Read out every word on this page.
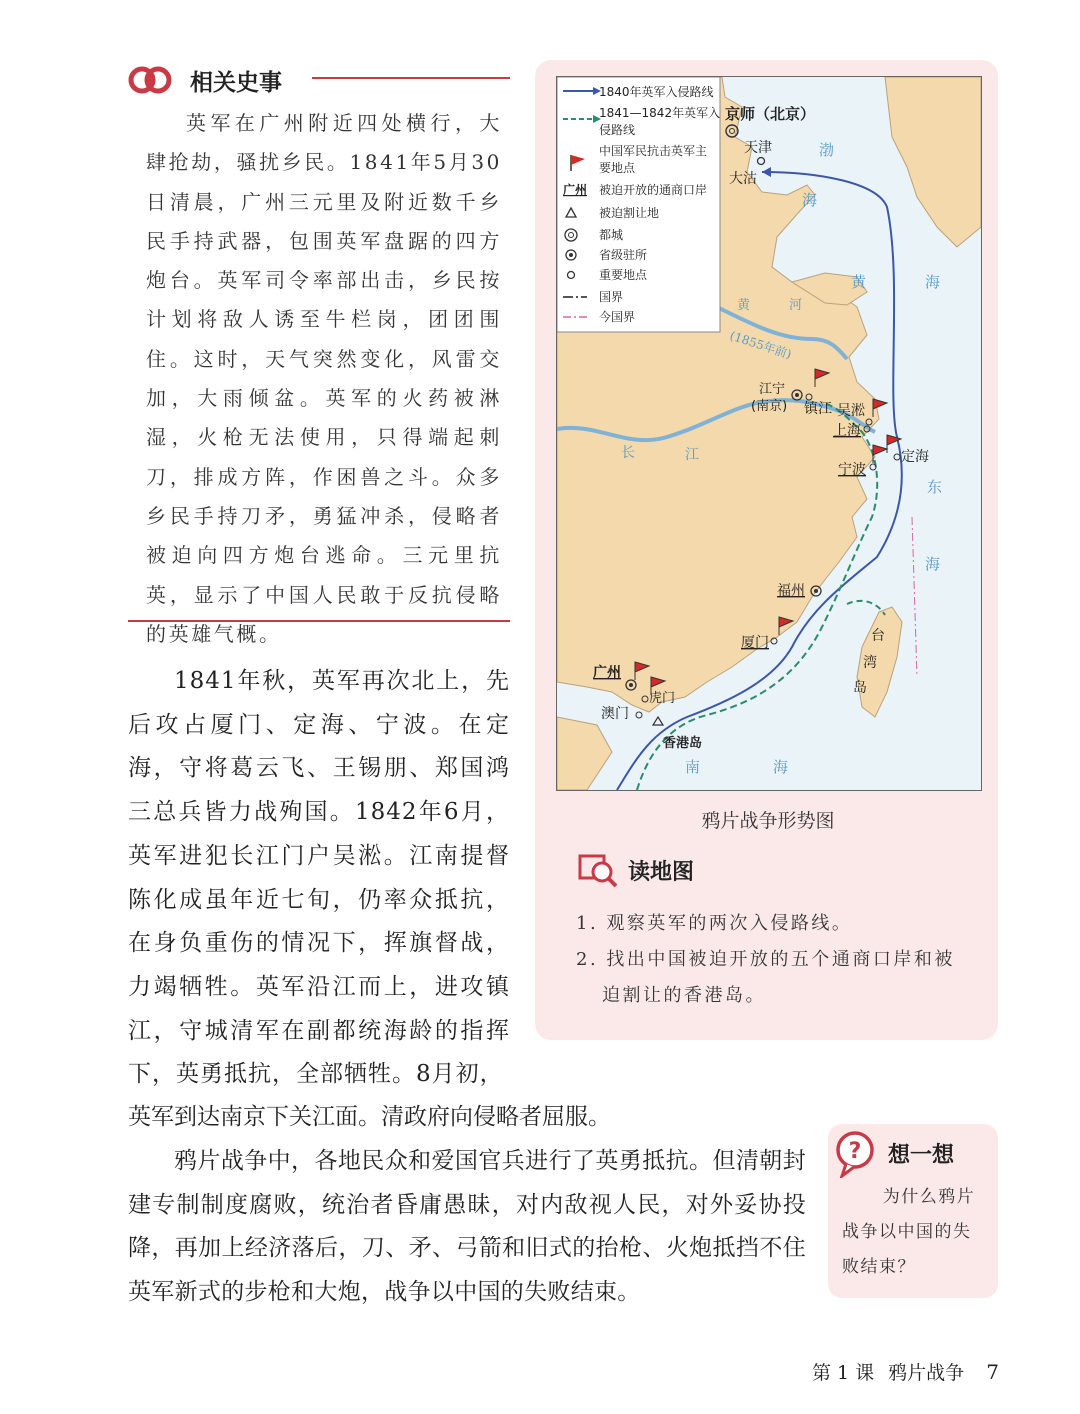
相关史事

英军在广州附近四处横行，大肆抢劫，骚扰乡民。1841年5月30日清晨，广州三元里及附近数千乡民手持武器，包围英军盘踞的四方炮台。英军司令率部出击，乡民按计划将敌人诱至牛栏岗，团团围住。这时，天气突然变化，风雷交加，大雨倾盆。英军的火药被淋湿，火枪无法使用，只得端起刺刀，排成方阵，作困兽之斗。众多乡民手持刀矛，勇猛冲杀，侵略者被迫向四方炮台逃命。三元里抗英，显示了中国人民敢于反抗侵略的英雄气概。

1841年秋，英军再次北上，先后攻占厦门、定海、宁波。在定海，守将葛云飞、王锡朋、郑国鸿三总兵皆力战殉国。1842年6月，英军进犯长江门户吴淞。江南提督陈化成虽年近七旬，仍率众抵抗，在身负重伤的情况下，挥旗督战，力竭牺牲。英军沿江而上，进攻镇江，守城清军在副都统海龄的指挥下，英勇抵抗，全部牺牲。8月初，

英军到达南京下关江面。清政府向侵略者屈服。

鸦片战争中，各地民众和爱国官兵进行了英勇抵抗。但清朝封建专制制度腐败，统治者昏庸愚昧，对内敌视人民，对外妥协投降，再加上经济落后，刀、矛、弓箭和旧式的抬枪、火炮抵挡不住英军新式的步枪和大炮，战争以中国的失败结束。

1840年英军入侵路线
1841—1842年英军入
侵路线
中国军民抗击英军主
要地点
广州 被迫开放的通商口岸
被迫割让地
都城
省级驻所
重要地点
国界
今国界
京师（北京）
天津
大沽
渤
海
黄	海
黄	河
(1855年前)
江宁
(南京) 镇江 吴淞
上海
定海
宁波
长	江
东
海
福州
厦门	台
湾
岛
广州
虎门
澳门
香港岛
南	海
鸦片战争形势图
读地图
1. 观察英军的两次入侵路线。
2. 找出中国被迫开放的五个通商口岸和被
迫割让的香港岛。
? 想一想

为什么鸦片战争以中国的失败结束？

第 1 课 鸦片战争 7
